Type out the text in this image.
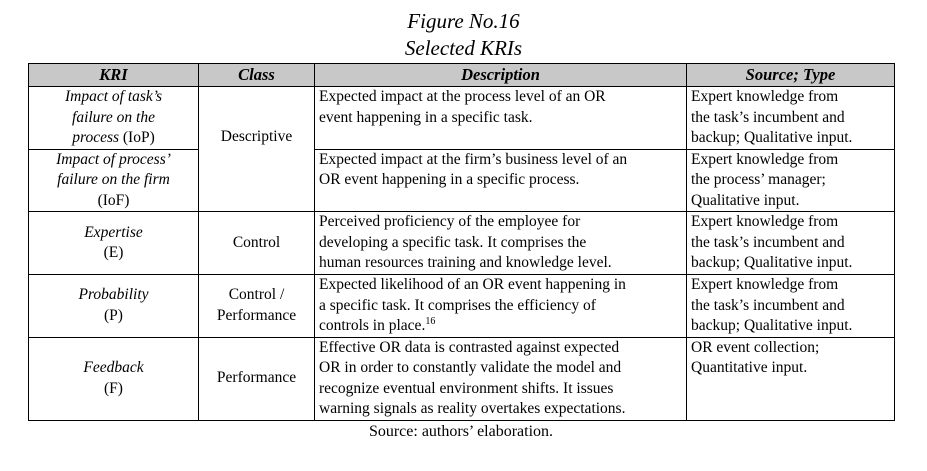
Figure No.16
Selected KRIs
KRI	Class	Description	Source; Type

Impact of task’s
failure on the
process (IoP)	Descriptive	Expected impact at the process level of an OR
event happening in a specific task.	Expert knowledge from
the task’s incumbent and
backup; Qualitative input.

Impact of process’
failure on the firm
(IoF)		Expected impact at the firm’s business level of an
OR event happening in a specific process.	Expert knowledge from
the process’ manager;
Qualitative input.

Expertise
(E)	Control	Perceived proficiency of the employee for
developing a specific task. It comprises the
human resources training and knowledge level.	Expert knowledge from
the task’s incumbent and
backup; Qualitative input.

Probability
(P)	Control /
Performance	Expected likelihood of an OR event happening in
a specific task. It comprises the efficiency of
controls in place.$^{16}$	Expert knowledge from
the task’s incumbent and
backup; Qualitative input.

Feedback
(F)	Performance	Effective OR data is contrasted against expected
OR in order to constantly validate the model and
recognize eventual environment shifts. It issues
warning signals as reality overtakes expectations.	OR event collection;
Quantitative input.
Source: authors’ elaboration.
